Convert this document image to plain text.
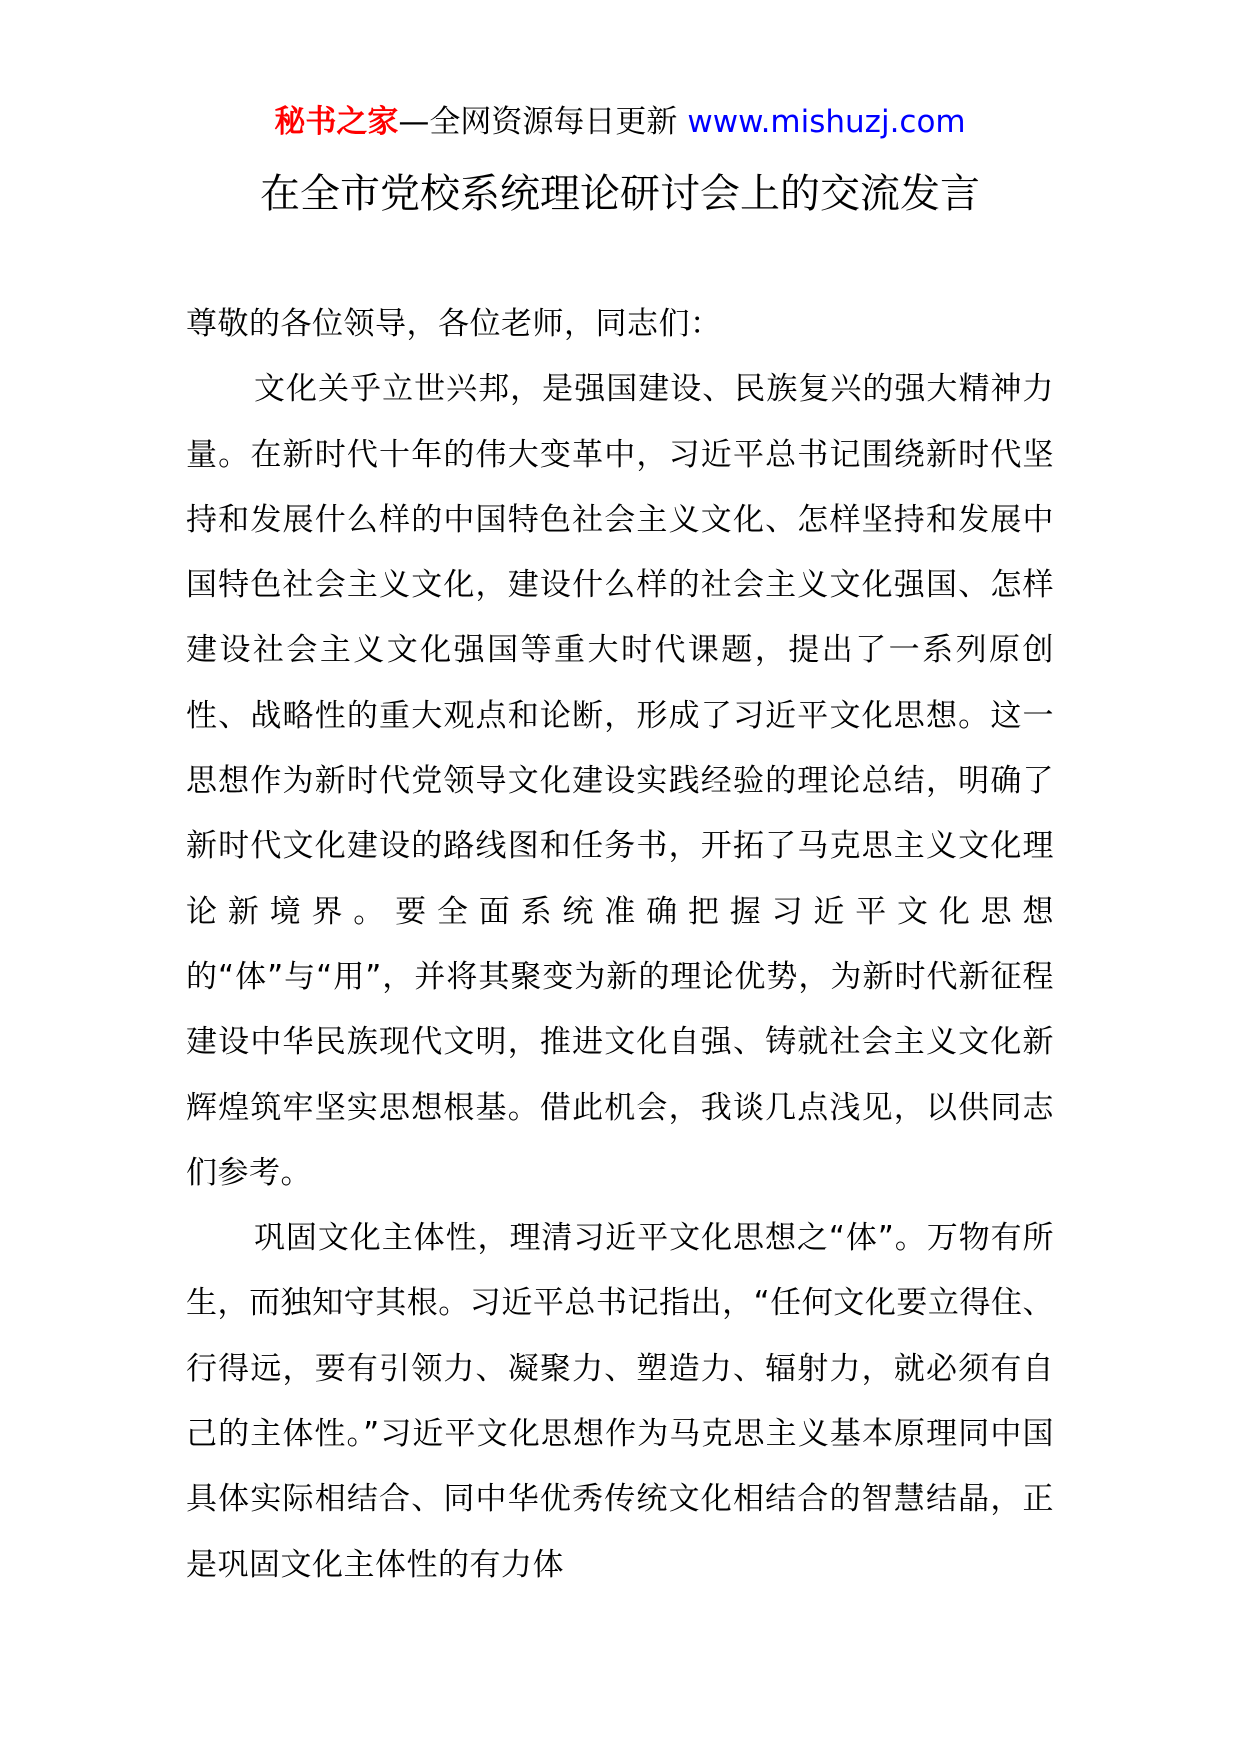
秘书之家—全网资源每日更新 www.mishuzj.com
在全市党校系统理论研讨会上的交流发言

尊敬的各位领导，各位老师，同志们：

文化关乎立世兴邦，是强国建设、民族复兴的强大精神力量。在新时代十年的伟大变革中，习近平总书记围绕新时代坚持和发展什么样的中国特色社会主义文化、怎样坚持和发展中国特色社会主义文化，建设什么样的社会主义文化强国、怎样建设社会主义文化强国等重大时代课题，提出了一系列原创性、战略性的重大观点和论断，形成了习近平文化思想。这一思想作为新时代党领导文化建设实践经验的理论总结，明确了新时代文化建设的路线图和任务书，开拓了马克思主义文化理论新境界。要全面系统准确把握习近平文化思想的“体”与“用”，并将其聚变为新的理论优势，为新时代新征程建设中华民族现代文明，推进文化自强、铸就社会主义文化新辉煌筑牢坚实思想根基。借此机会，我谈几点浅见，以供同志们参考。

巩固文化主体性，理清习近平文化思想之“体”。万物有所生，而独知守其根。习近平总书记指出，“任何文化要立得住、行得远，要有引领力、凝聚力、塑造力、辐射力，就必须有自己的主体性。”习近平文化思想作为马克思主义基本原理同中国具体实际相结合、同中华优秀传统文化相结合的智慧结晶，正是巩固文化主体性的有力体
